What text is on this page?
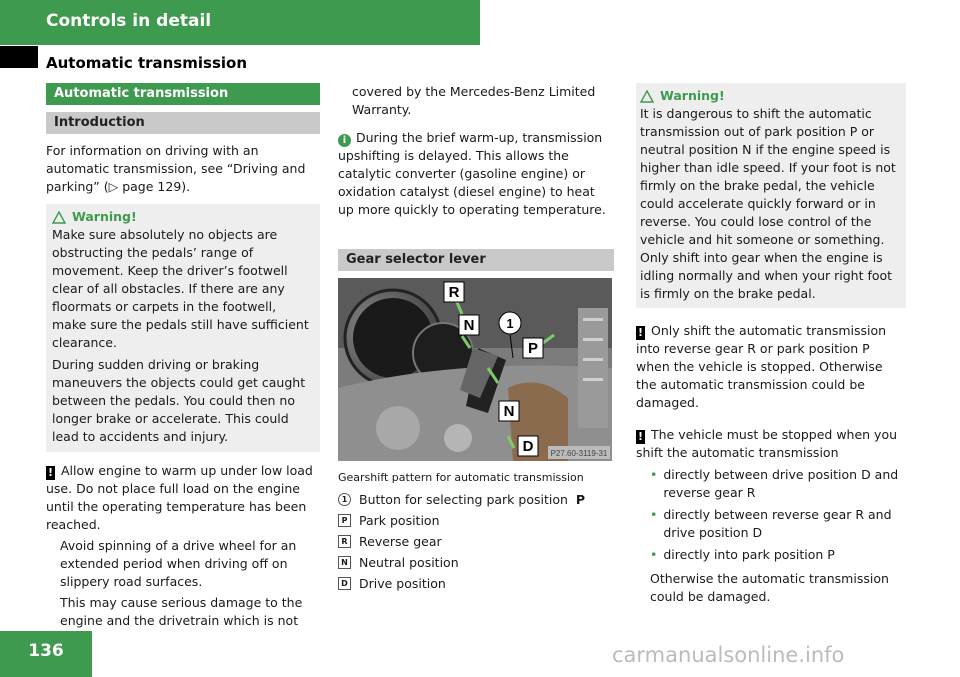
Controls in detail
Automatic transmission
Automatic transmission
Introduction

For information on driving with an automatic transmission, see “Driving and parking” (▷ page 129).

Warning!

Make sure absolutely no objects are obstructing the pedals’ range of movement. Keep the driver’s footwell clear of all obstacles. If there are any floormats or carpets in the footwell, make sure the pedals still have sufficient clearance.

During sudden driving or braking maneuvers the objects could get caught between the pedals. You could then no longer brake or accelerate. This could lead to accidents and injury.

! Allow engine to warm up under low load use. Do not place full load on the engine until the operating temperature has been reached.

Avoid spinning of a drive wheel for an extended period when driving off on slippery road surfaces.

This may cause serious damage to the engine and the drivetrain which is not

covered by the Mercedes-Benz Limited Warranty.

i During the brief warm-up, transmission upshifting is delayed. This allows the catalytic converter (gasoline engine) or oxidation catalyst (diesel engine) to heat up more quickly to operating temperature.

Gear selector lever
R
N 1
P
N
D P27.60-3119-31

Gearshift pattern for automatic transmission

1 Button for selecting park position P
P Park position
R Reverse gear
N Neutral position
D Drive position
Warning!

It is dangerous to shift the automatic transmission out of park position P or neutral position N if the engine speed is higher than idle speed. If your foot is not firmly on the brake pedal, the vehicle could accelerate quickly forward or in reverse. You could lose control of the vehicle and hit someone or something. Only shift into gear when the engine is idling normally and when your right foot is firmly on the brake pedal.

! Only shift the automatic transmission into reverse gear R or park position P when the vehicle is stopped. Otherwise the automatic transmission could be damaged.

! The vehicle must be stopped when you shift the automatic transmission

• directly between drive position D and reverse gear R
• directly between reverse gear R and drive position D
• directly into park position P

Otherwise the automatic transmission could be damaged.

136	carmanualsonline.info
